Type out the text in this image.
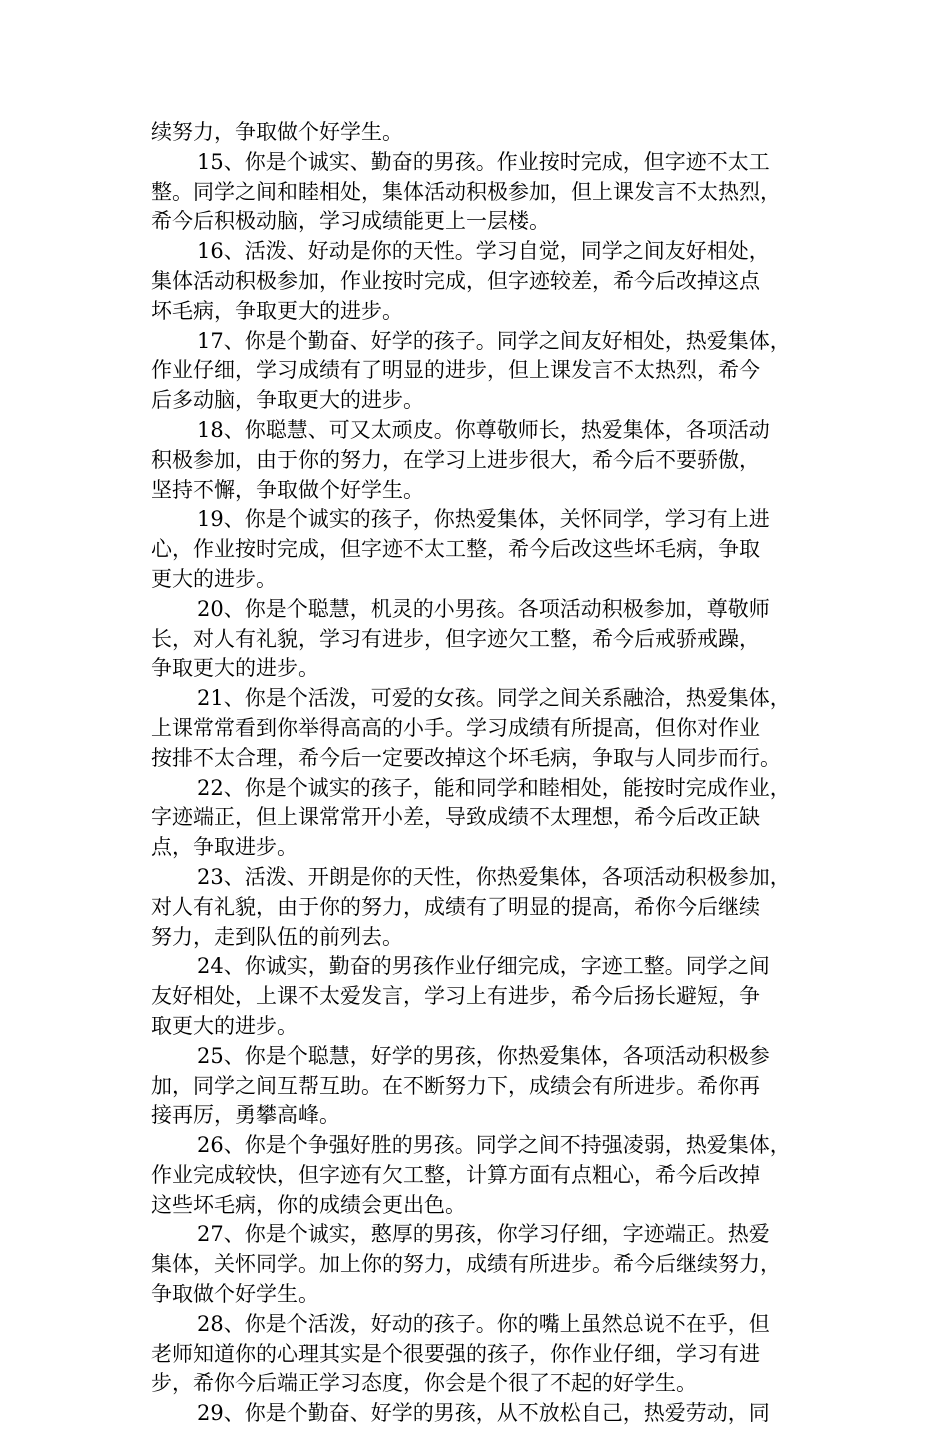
续努力，争取做个好学生。
15、你是个诚实、勤奋的男孩。作业按时完成，但字迹不太工
整。同学之间和睦相处，集体活动积极参加，但上课发言不太热烈，
希今后积极动脑，学习成绩能更上一层楼。
16、活泼、好动是你的天性。学习自觉，同学之间友好相处，
集体活动积极参加，作业按时完成，但字迹较差，希今后改掉这点
坏毛病，争取更大的进步。
17、你是个勤奋、好学的孩子。同学之间友好相处，热爱集体，
作业仔细，学习成绩有了明显的进步，但上课发言不太热烈，希今
后多动脑，争取更大的进步。
18、你聪慧、可又太顽皮。你尊敬师长，热爱集体，各项活动
积极参加，由于你的努力，在学习上进步很大，希今后不要骄傲，
坚持不懈，争取做个好学生。
19、你是个诚实的孩子，你热爱集体，关怀同学，学习有上进
心，作业按时完成，但字迹不太工整，希今后改这些坏毛病，争取
更大的进步。
20、你是个聪慧，机灵的小男孩。各项活动积极参加，尊敬师
长，对人有礼貌，学习有进步，但字迹欠工整，希今后戒骄戒躁，
争取更大的进步。
21、你是个活泼，可爱的女孩。同学之间关系融洽，热爱集体，
上课常常看到你举得高高的小手。学习成绩有所提高，但你对作业
按排不太合理，希今后一定要改掉这个坏毛病，争取与人同步而行。
22、你是个诚实的孩子，能和同学和睦相处，能按时完成作业，
字迹端正，但上课常常开小差，导致成绩不太理想，希今后改正缺
点，争取进步。
23、活泼、开朗是你的天性，你热爱集体，各项活动积极参加，
对人有礼貌，由于你的努力，成绩有了明显的提高，希你今后继续
努力，走到队伍的前列去。
24、你诚实，勤奋的男孩作业仔细完成，字迹工整。同学之间
友好相处，上课不太爱发言，学习上有进步，希今后扬长避短，争
取更大的进步。
25、你是个聪慧，好学的男孩，你热爱集体，各项活动积极参
加，同学之间互帮互助。在不断努力下，成绩会有所进步。希你再
接再厉，勇攀高峰。
26、你是个争强好胜的男孩。同学之间不持强凌弱，热爱集体，
作业完成较快，但字迹有欠工整，计算方面有点粗心，希今后改掉
这些坏毛病，你的成绩会更出色。
27、你是个诚实，憨厚的男孩，你学习仔细，字迹端正。热爱
集体，关怀同学。加上你的努力，成绩有所进步。希今后继续努力，
争取做个好学生。
28、你是个活泼，好动的孩子。你的嘴上虽然总说不在乎，但
老师知道你的心理其实是个很要强的孩子，你作业仔细，学习有进
步，希你今后端正学习态度，你会是个很了不起的好学生。
29、你是个勤奋、好学的男孩，从不放松自己，热爱劳动，同
